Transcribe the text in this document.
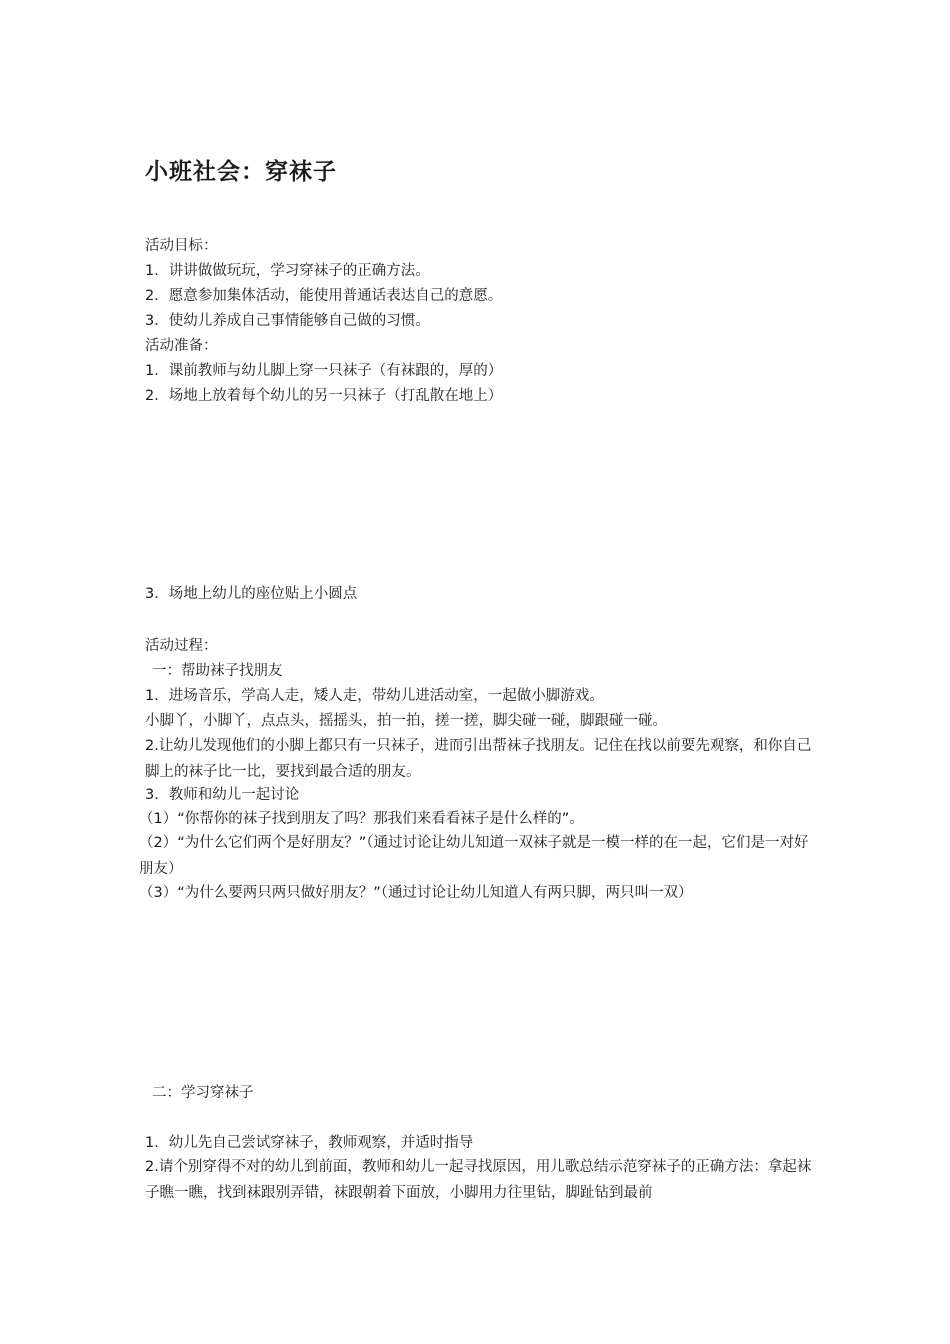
小班社会：穿袜子
活动目标：
1．讲讲做做玩玩，学习穿袜子的正确方法。
2．愿意参加集体活动，能使用普通话表达自己的意愿。
3．使幼儿养成自己事情能够自己做的习惯。
活动准备：
1．课前教师与幼儿脚上穿一只袜子（有袜跟的，厚的）
2．场地上放着每个幼儿的另一只袜子（打乱散在地上）
3．场地上幼儿的座位贴上小圆点
活动过程：
一：帮助袜子找朋友
1．进场音乐，学高人走，矮人走，带幼儿进活动室，一起做小脚游戏。
小脚丫，小脚丫，点点头，摇摇头，拍一拍，搓一搓，脚尖碰一碰，脚跟碰一碰。
2.让幼儿发现他们的小脚上都只有一只袜子，进而引出帮袜子找朋友。记住在找以前要先观察，和你自己脚上的袜子比一比，要找到最合适的朋友。
3．教师和幼儿一起讨论
（1）“你帮你的袜子找到朋友了吗？那我们来看看袜子是什么样的”。
（2）“为什么它们两个是好朋友？”（通过讨论让幼儿知道一双袜子就是一模一样的在一起，它们是一对好朋友）
（3）“为什么要两只两只做好朋友？”（通过讨论让幼儿知道人有两只脚，两只叫一双）
二：学习穿袜子
1．幼儿先自己尝试穿袜子，教师观察，并适时指导
2.请个别穿得不对的幼儿到前面，教师和幼儿一起寻找原因，用儿歌总结示范穿袜子的正确方法：拿起袜子瞧一瞧，找到袜跟别弄错，袜跟朝着下面放，小脚用力往里钻，脚趾钻到最前
